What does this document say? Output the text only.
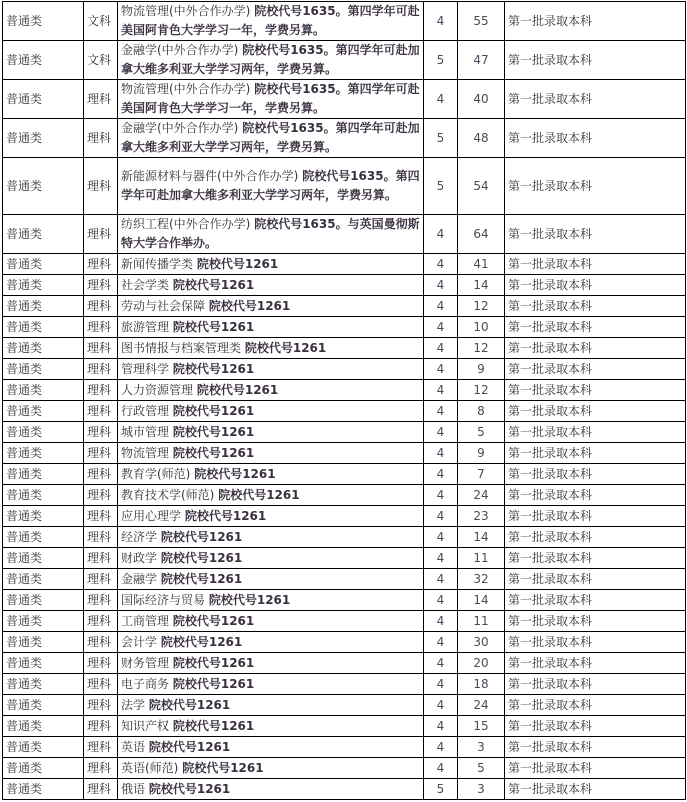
普通类	文科	物流管理(中外合作办学) 院校代号1635。第四学年可赴美国阿肯色大学学习一年，学费另算。	4	55	第一批录取本科
普通类	文科	金融学(中外合作办学) 院校代号1635。第四学年可赴加拿大维多利亚大学学习两年，学费另算。	5	47	第一批录取本科
普通类	理科	物流管理(中外合作办学) 院校代号1635。第四学年可赴美国阿肯色大学学习一年，学费另算。	4	40	第一批录取本科
普通类	理科	金融学(中外合作办学) 院校代号1635。第四学年可赴加拿大维多利亚大学学习两年，学费另算。	5	48	第一批录取本科
普通类	理科	新能源材料与器件(中外合作办学) 院校代号1635。第四学年可赴加拿大维多利亚大学学习两年，学费另算。	5	54	第一批录取本科
普通类	理科	纺织工程(中外合作办学) 院校代号1635。与英国曼彻斯特大学合作举办。	4	64	第一批录取本科
普通类	理科	新闻传播学类 院校代号1261	4	41	第一批录取本科
普通类	理科	社会学类 院校代号1261	4	14	第一批录取本科
普通类	理科	劳动与社会保障 院校代号1261	4	12	第一批录取本科
普通类	理科	旅游管理 院校代号1261	4	10	第一批录取本科
普通类	理科	图书情报与档案管理类 院校代号1261	4	12	第一批录取本科
普通类	理科	管理科学 院校代号1261	4	9	第一批录取本科
普通类	理科	人力资源管理 院校代号1261	4	12	第一批录取本科
普通类	理科	行政管理 院校代号1261	4	8	第一批录取本科
普通类	理科	城市管理 院校代号1261	4	5	第一批录取本科
普通类	理科	物流管理 院校代号1261	4	9	第一批录取本科
普通类	理科	教育学(师范) 院校代号1261	4	7	第一批录取本科
普通类	理科	教育技术学(师范) 院校代号1261	4	24	第一批录取本科
普通类	理科	应用心理学 院校代号1261	4	23	第一批录取本科
普通类	理科	经济学 院校代号1261	4	14	第一批录取本科
普通类	理科	财政学 院校代号1261	4	11	第一批录取本科
普通类	理科	金融学 院校代号1261	4	32	第一批录取本科
普通类	理科	国际经济与贸易 院校代号1261	4	14	第一批录取本科
普通类	理科	工商管理 院校代号1261	4	11	第一批录取本科
普通类	理科	会计学 院校代号1261	4	30	第一批录取本科
普通类	理科	财务管理 院校代号1261	4	20	第一批录取本科
普通类	理科	电子商务 院校代号1261	4	18	第一批录取本科
普通类	理科	法学 院校代号1261	4	24	第一批录取本科
普通类	理科	知识产权 院校代号1261	4	15	第一批录取本科
普通类	理科	英语 院校代号1261	4	3	第一批录取本科
普通类	理科	英语(师范) 院校代号1261	4	5	第一批录取本科
普通类	理科	俄语 院校代号1261	5	3	第一批录取本科
